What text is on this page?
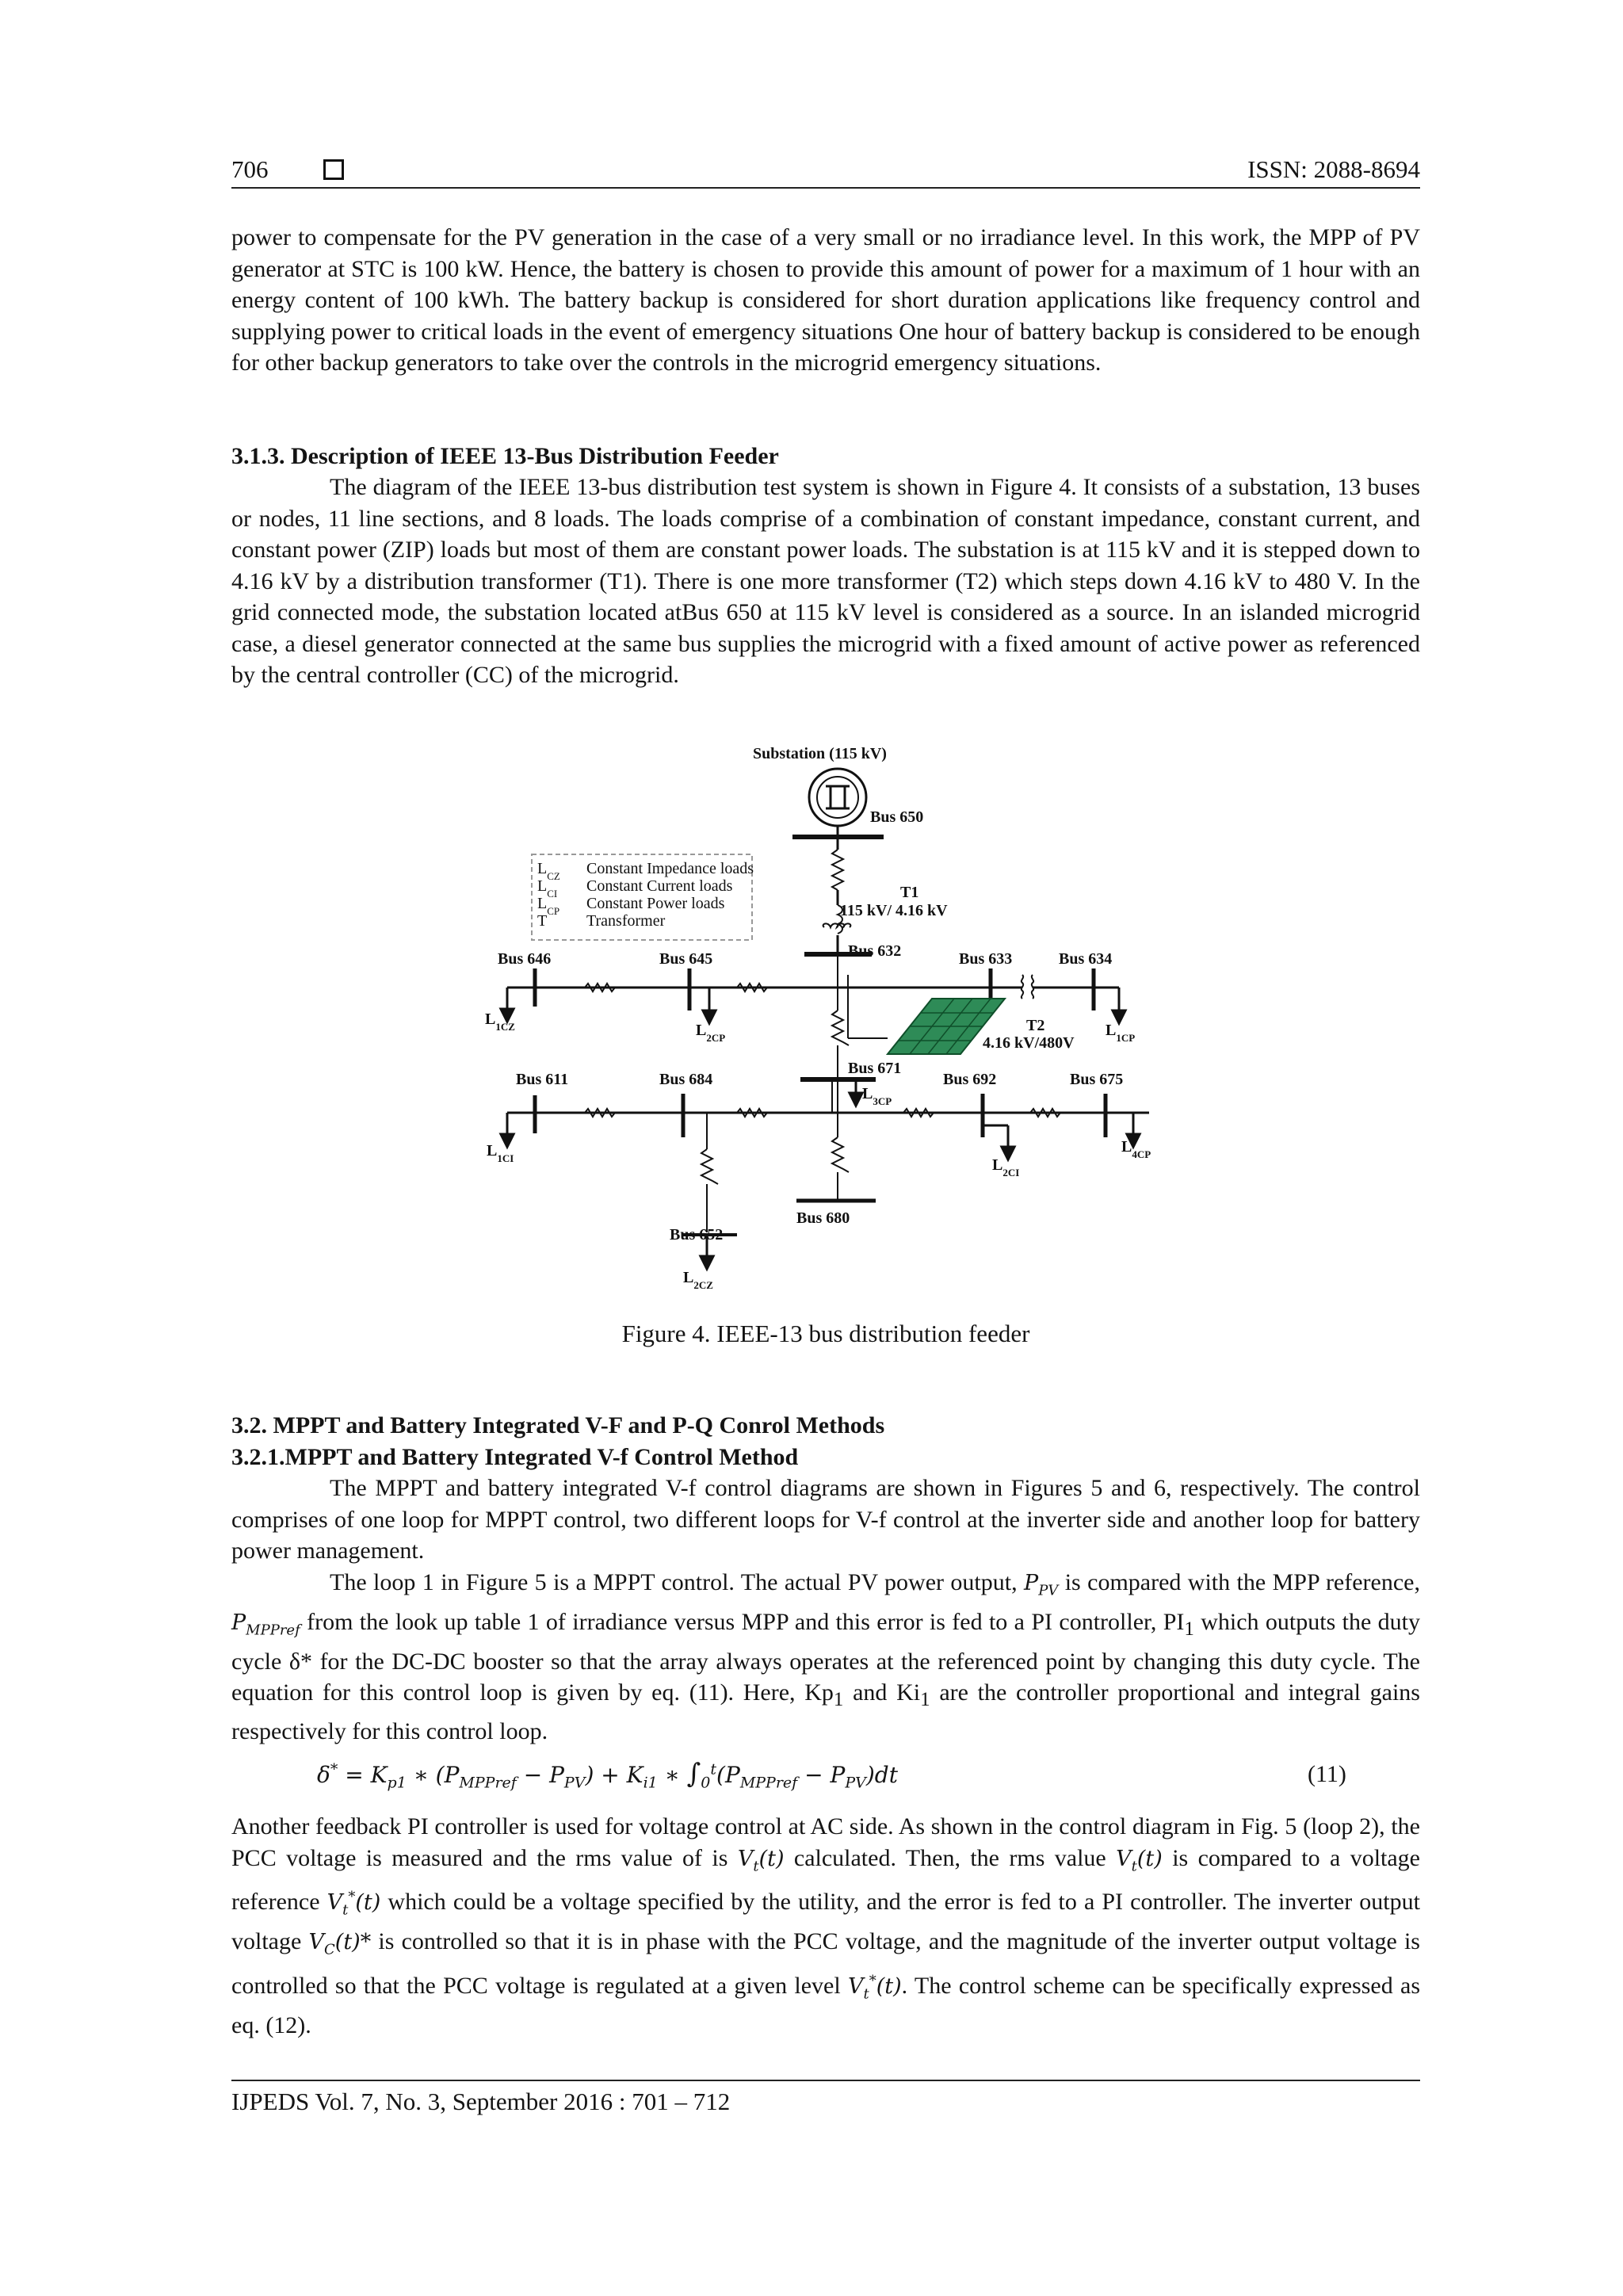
706	ISSN: 2088-8694

power to compensate for the PV generation in the case of a very small or no irradiance level. In this work, the MPP of PV generator at STC is 100 kW. Hence, the battery is chosen to provide this amount of power for a maximum of 1 hour with an energy content of 100 kWh. The battery backup is considered for short duration applications like frequency control and supplying power to critical loads in the event of emergency situations One hour of battery backup is considered to be enough for other backup generators to take over the controls in the microgrid emergency situations.

3.1.3. Description of IEEE 13-Bus Distribution Feeder

The diagram of the IEEE 13-bus distribution test system is shown in Figure 4. It consists of a substation, 13 buses or nodes, 11 line sections, and 8 loads. The loads comprise of a combination of constant impedance, constant current, and constant power (ZIP) loads but most of them are constant power loads. The substation is at 115 kV and it is stepped down to 4.16 kV by a distribution transformer (T1). There is one more transformer (T2) which steps down 4.16 kV to 480 V. In the grid connected mode, the substation located atBus 650 at 115 kV level is considered as a source. In an islanded microgrid case, a diesel generator connected at the same bus supplies the microgrid with a fixed amount of active power as referenced by the central controller (CC) of the microgrid.

$L_{CZ}$ Constant Impedance loads
$L_{CI}$ Constant Current loads
$L_{CP}$ Constant Power loads
T Transformer
Substation (115 kV)
Bus 650
T1
115 kV/ 4.16 kV
Bus 646	Bus 645	Bus 632	Bus 633	Bus 634
T2
4.16 kV/480V
Bus 611	Bus 684
Bus 671
Bus 692	Bus 675
Bus 652
Bus 680
$L_{1CZ}$	$L_{2CP}$	$L_{1CP}$
$L_{3CP}$
$L_{1CI}$	$L_{2CI}$
$L_{4CP}$
$L_{2CZ}$
Figure 4. IEEE-13 bus distribution feeder

3.2. MPPT and Battery Integrated V-F and P-Q Conrol Methods

3.2.1.MPPT and Battery Integrated V-f Control Method

The MPPT and battery integrated V-f control diagrams are shown in Figures 5 and 6, respectively. The control comprises of one loop for MPPT control, two different loops for V-f control at the inverter side and another loop for battery power management.

The loop 1 in Figure 5 is a MPPT control. The actual PV power output, $P_{PV}$ is compared with the MPP reference, $P_{MPPref}$ from the look up table 1 of irradiance versus MPP and this error is fed to a PI controller, $PI_1$ which outputs the duty cycle δ* for the DC-DC booster so that the array always operates at the referenced point by changing this duty cycle. The equation for this control loop is given by eq. (11). Here, $Kp_1$ and $Ki_1$ are the controller proportional and integral gains respectively for this control loop.

$\delta^* = K_{p1}$ ∗ $(P_{MPPref} - P_{PV}) + K_{i1}$ ∗ $\int_0^t(P_{MPPref} - P_{PV})dt$	(11)

Another feedback PI controller is used for voltage control at AC side. As shown in the control diagram in Fig. 5 (loop 2), the PCC voltage is measured and the rms value of is $V_t(t)$ calculated. Then, the rms value $V_t(t)$ is compared to a voltage reference $V_t^*(t)$ which could be a voltage specified by the utility, and the error is fed to a PI controller. The inverter output voltage $V_C(t)*$ is controlled so that it is in phase with the PCC voltage, and the magnitude of the inverter output voltage is controlled so that the PCC voltage is regulated at a given level $V_t^*(t)$. The control scheme can be specifically expressed as eq. (12).

IJPEDS Vol. 7, No. 3, September 2016 : 701 – 712
